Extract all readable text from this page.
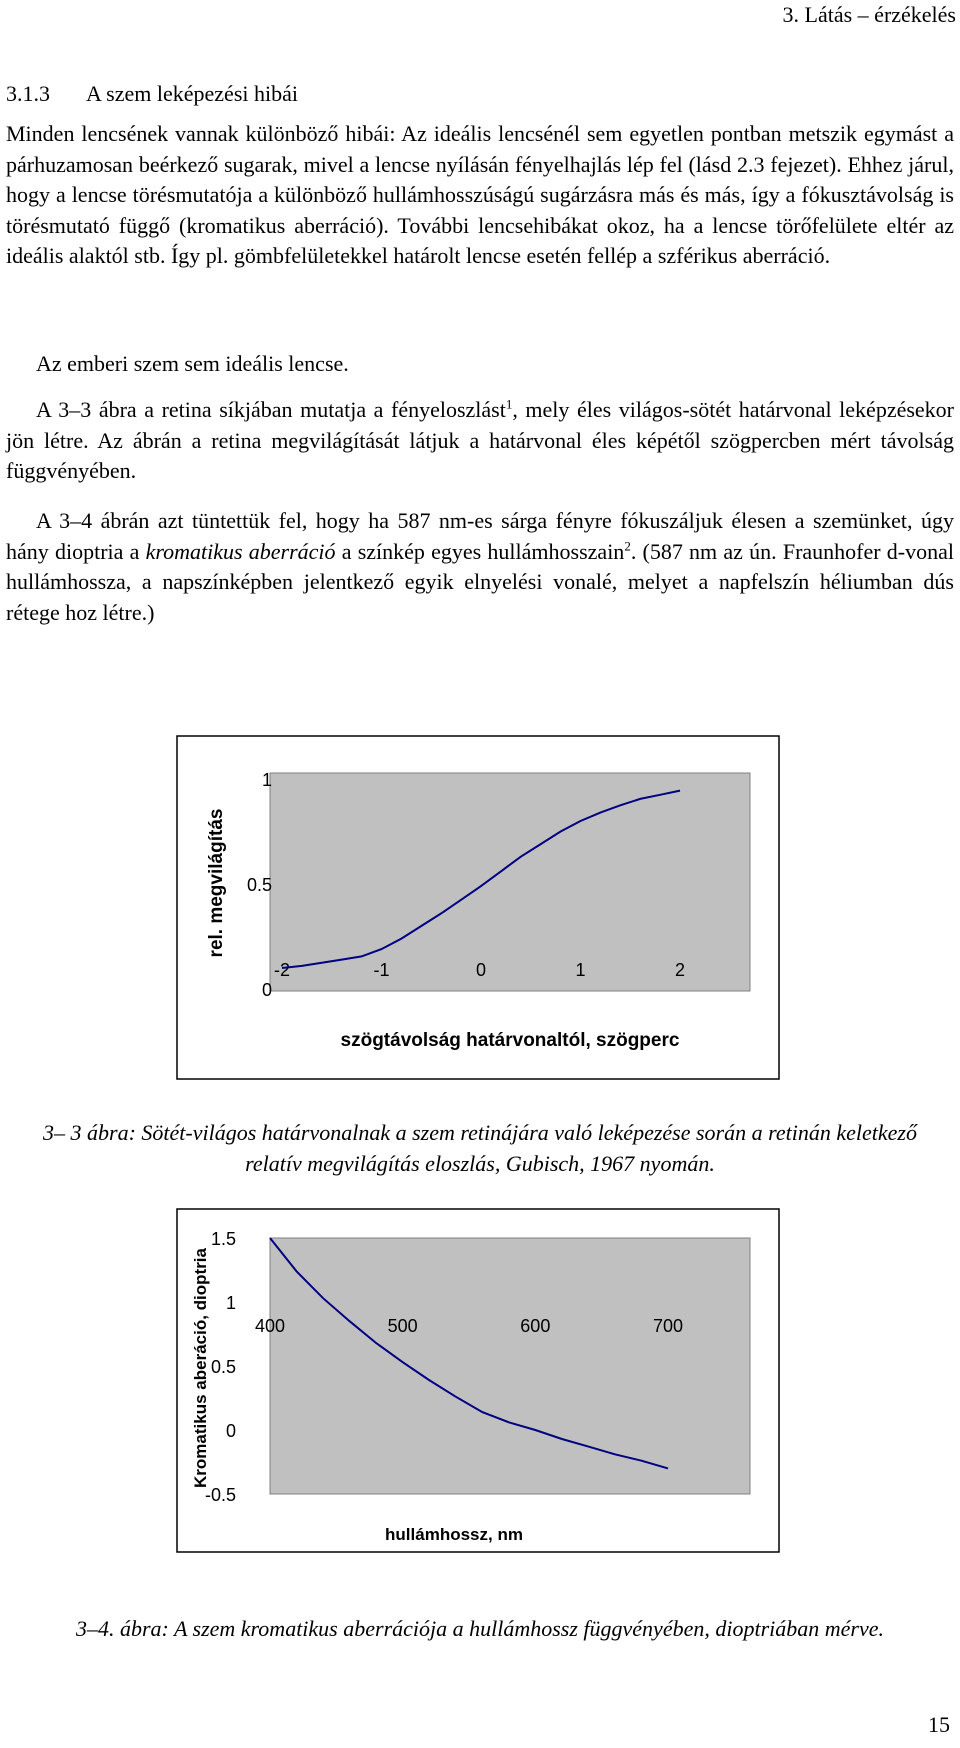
3. Látás – érzékelés
3.1.3 A szem leképezési hibái

Minden lencsének vannak különböző hibái: Az ideális lencsénél sem egyetlen pontban metszik egymást a párhuzamosan beérkező sugarak, mivel a lencse nyílásán fényelhajlás lép fel (lásd 2.3 fejezet). Ehhez járul, hogy a lencse törésmutatója a különböző hullámhosszúságú sugárzásra más és más, így a fókusztávolság is törésmutató függő (kromatikus aberráció). További lencsehibákat okoz, ha a lencse törőfelülete eltér az ideális alaktól stb. Így pl. gömbfelületekkel határolt lencse esetén fellép a szférikus aberráció.

Az emberi szem sem ideális lencse.

A 3–3 ábra a retina síkjában mutatja a fényeloszlást$^1$, mely éles világos-sötét határvonal leképzésekor jön létre. Az ábrán a retina megvilágítását látjuk a határvonal éles képétől szögpercben mért távolság függvényében.

A 3–4 ábrán azt tüntettük fel, hogy ha 587 nm-es sárga fényre fókuszáljuk élesen a szemünket, úgy hány dioptria a kromatikus aberráció a színkép egyes hullámhosszain$^2$. (587 nm az ún. Fraunhofer d-vonal hullámhossza, a napszínképben jelentkező egyik elnyelési vonalé, melyet a napfelszín héliumban dús rétege hoz létre.)

0
0.5
1
-2	-1	0	1	2
rel. megvilágítás
szögtávolság határvonaltól, szögperc
3– 3 ábra: Sötét-világos határvonalnak a szem retinájára való leképezése során a retinán keletkező relatív megvilágítás eloszlás, Gubisch, 1967 nyomán.
-0.5
0
0.5
1
1.5
400	500	600	700
Kromatikus aberáció, dioptria
hullámhossz, nm
3–4. ábra: A szem kromatikus aberrációja a hullámhossz függvényében, dioptriában mérve.
15
